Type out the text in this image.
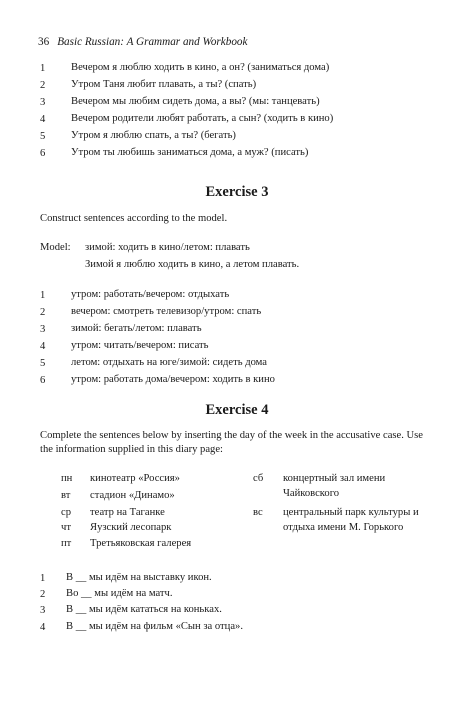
36 Basic Russian: A Grammar and Workbook
1 Вечером я люблю ходить в кино, а он? (заниматься дома)
2 Утром Таня любит плавать, а ты? (спать)
3 Вечером мы любим сидеть дома, а вы? (мы: танцевать)
4 Вечером родители любят работать, а сын? (ходить в кино)
5 Утром я люблю спать, а ты? (бегать)
6 Утром ты любишь заниматься дома, а муж? (писать)
Exercise 3
Construct sentences according to the model.
Model: зимой: ходить в кино/летом: плавать
Зимой я люблю ходить в кино, а летом плавать.
1 утром: работать/вечером: отдыхать
2 вечером: смотреть телевизор/утром: спать
3 зимой: бегать/летом: плавать
4 утром: читать/вечером: писать
5 летом: отдыхать на юге/зимой: сидеть дома
6 утром: работать дома/вечером: ходить в кино
Exercise 4
Complete the sentences below by inserting the day of the week in the accusative case. Use
the information supplied in this diary page:
пн кинотеатр «Россия»
вт стадион «Динамо»
ср театр на Таганке
чт Яузский лесопарк
пт Третьяковская галерея
сб концертный зал имени
Чайковского
вс центральный парк культуры и
отдыха имени М. Горького
1 В __ мы идём на выставку икон.
2 Во __ мы идём на матч.
3 В __ мы идём кататься на коньках.
4 В __ мы идём на фильм «Сын за отца».
